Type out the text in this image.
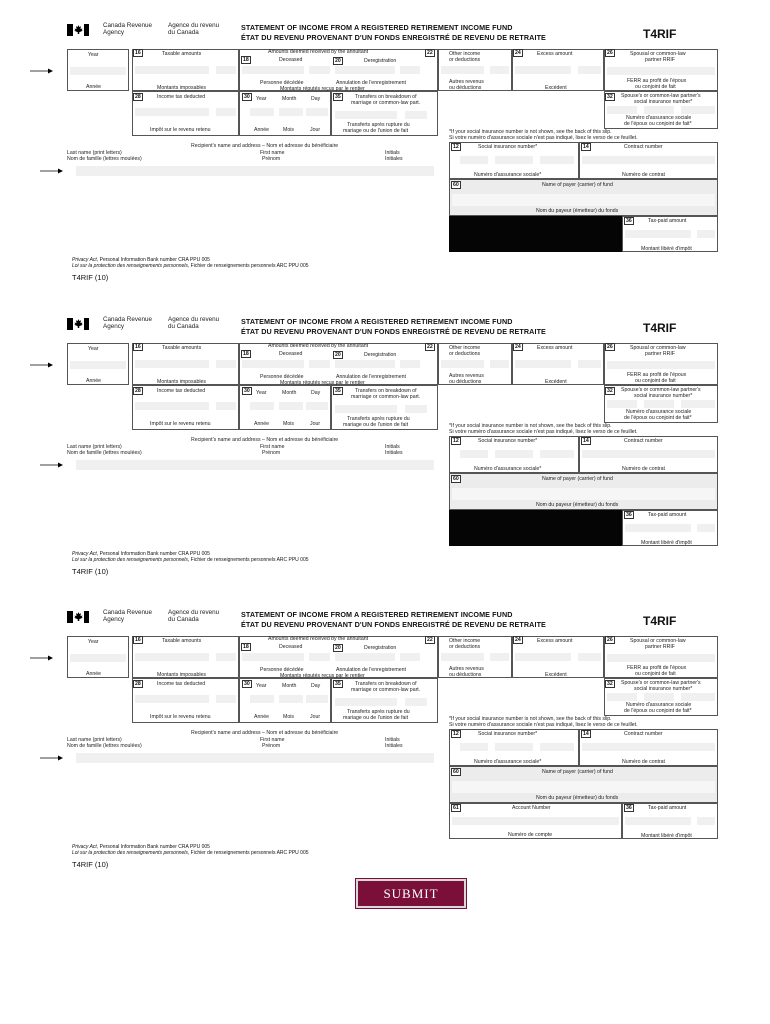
Canada Revenue
Agency
Agence du revenu
du Canada	STATEMENT OF INCOME FROM A REGISTERED RETIREMENT INCOME FUND
ÉTAT DU REVENU PROVENANT D'UN FONDS ENREGISTRÉ DE REVENU DE RETRAITE	T4RIF
Year
Année
16	Taxable amounts
Montants imposables
Amounts deemed received by the annuitant
18	Deceased
Personne décédée
20	Deregistration
Annulation de l'enregistrement
Montants réputés reçus par le rentier
22	Other income
or deductions
Autres revenus
ou déductions
24	Excess amount
Excédent
26	Spousal or common-law
partner RRIF
FERR au profit de l'époux
ou conjoint de fait
28	Income tax deducted
Impôt sur le revenu retenu
30	Year	Month	Day
Année	Mois	Jour
35	Transfers on breakdown of
marriage or common-law part.
Transferts après rupture du
mariage ou de l'union de fait
32	Spouse's or common-law partner's
social insurance number*
Numéro d'assurance sociale
de l'époux ou conjoint de fait*
*If your social insurance number is not shown, see the back of this slip.
Si votre numéro d'assurance sociale n'est pas indiqué, lisez le verso de ce feuillet.
Recipient's name and address – Nom et adresse du bénéficiaire
Last name (print letters)
Nom de famille (lettres moulées)
First name
Prénom
Initials
Initiales
12	Social insurance number*
Numéro d'assurance sociale*
14	Contract number
Numéro de contrat
60	Name of payer (carrier) of fund
Nom du payeur (émetteur) du fonds
36	Tax-paid amount
Montant libéré d'impôt
Privacy Act, Personal Information Bank number CRA PPU 005
Loi sur la protection des renseignements personnels, Fichier de renseignements personnels ARC PPU 005
T4RIF (10)
Canada Revenue
Agency
Agence du revenu
du Canada	STATEMENT OF INCOME FROM A REGISTERED RETIREMENT INCOME FUND
ÉTAT DU REVENU PROVENANT D'UN FONDS ENREGISTRÉ DE REVENU DE RETRAITE	T4RIF
Year
Année
16	Taxable amounts
Montants imposables
Amounts deemed received by the annuitant
18	Deceased
Personne décédée
20	Deregistration
Annulation de l'enregistrement
Montants réputés reçus par le rentier
22	Other income
or deductions
Autres revenus
ou déductions
24	Excess amount
Excédent
26	Spousal or common-law
partner RRIF
FERR au profit de l'époux
ou conjoint de fait
28	Income tax deducted
Impôt sur le revenu retenu
30	Year	Month	Day
Année	Mois	Jour
35	Transfers on breakdown of
marriage or common-law part.
Transferts après rupture du
mariage ou de l'union de fait
32	Spouse's or common-law partner's
social insurance number*
Numéro d'assurance sociale
de l'époux ou conjoint de fait*
*If your social insurance number is not shown, see the back of this slip.
Si votre numéro d'assurance sociale n'est pas indiqué, lisez le verso de ce feuillet.
Recipient's name and address – Nom et adresse du bénéficiaire
Last name (print letters)
Nom de famille (lettres moulées)
First name
Prénom
Initials
Initiales
12	Social insurance number*
Numéro d'assurance sociale*
14	Contract number
Numéro de contrat
60	Name of payer (carrier) of fund
Nom du payeur (émetteur) du fonds
36	Tax-paid amount
Montant libéré d'impôt
Privacy Act, Personal Information Bank number CRA PPU 005
Loi sur la protection des renseignements personnels, Fichier de renseignements personnels ARC PPU 005
T4RIF (10)
Canada Revenue
Agency
Agence du revenu
du Canada	STATEMENT OF INCOME FROM A REGISTERED RETIREMENT INCOME FUND
ÉTAT DU REVENU PROVENANT D'UN FONDS ENREGISTRÉ DE REVENU DE RETRAITE	T4RIF
Year
Année
16	Taxable amounts
Montants imposables
Amounts deemed received by the annuitant
18	Deceased
Personne décédée
20	Deregistration
Annulation de l'enregistrement
Montants réputés reçus par le rentier
22	Other income
or deductions
Autres revenus
ou déductions
24	Excess amount
Excédent
26	Spousal or common-law
partner RRIF
FERR au profit de l'époux
ou conjoint de fait
28	Income tax deducted
Impôt sur le revenu retenu
30	Year	Month	Day
Année	Mois	Jour
35	Transfers on breakdown of
marriage or common-law part.
Transferts après rupture du
mariage ou de l'union de fait
32	Spouse's or common-law partner's
social insurance number*
Numéro d'assurance sociale
de l'époux ou conjoint de fait*
*If your social insurance number is not shown, see the back of this slip.
Si votre numéro d'assurance sociale n'est pas indiqué, lisez le verso de ce feuillet.
Recipient's name and address – Nom et adresse du bénéficiaire
Last name (print letters)
Nom de famille (lettres moulées)
First name
Prénom
Initials
Initiales
12	Social insurance number*
Numéro d'assurance sociale*
14	Contract number
Numéro de contrat
60	Name of payer (carrier) of fund
Nom du payeur (émetteur) du fonds
61	Account Number
Numéro de compte
36	Tax-paid amount
Montant libéré d'impôt
Privacy Act, Personal Information Bank number CRA PPU 005
Loi sur la protection des renseignements personnels, Fichier de renseignements personnels ARC PPU 005
T4RIF (10)
SUBMIT
